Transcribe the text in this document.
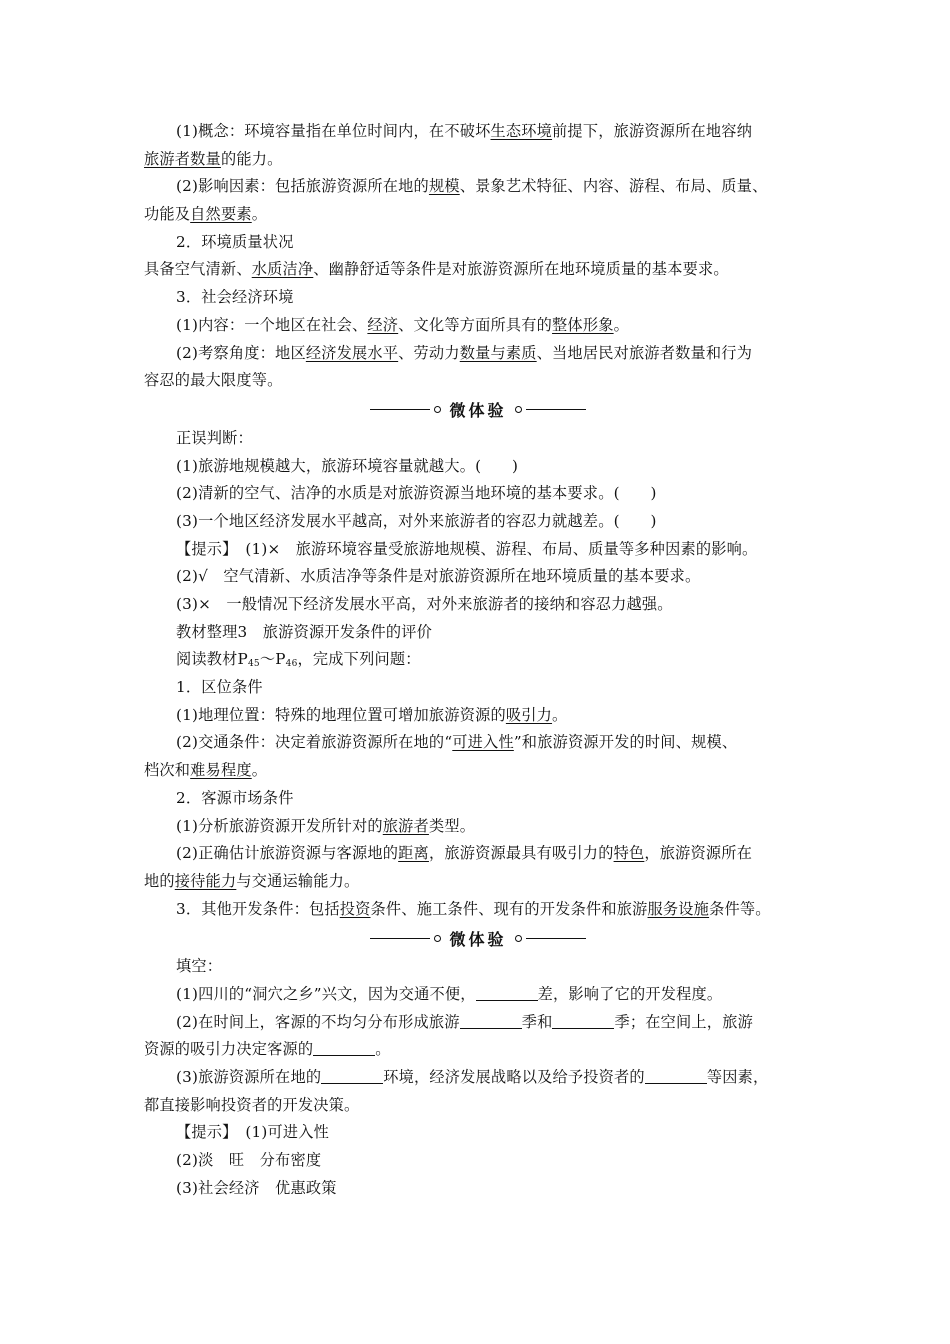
(1)概念：环境容量指在单位时间内，在不破坏生态环境前提下，旅游资源所在地容纳
旅游者数量的能力。
(2)影响因素：包括旅游资源所在地的规模、景象艺术特征、内容、游程、布局、质量、
功能及自然要素。
2．环境质量状况
具备空气清新、水质洁净、幽静舒适等条件是对旅游资源所在地环境质量的基本要求。
3．社会经济环境
(1)内容：一个地区在社会、经济、文化等方面所具有的整体形象。
(2)考察角度：地区经济发展水平、劳动力数量与素质、当地居民对旅游者数量和行为
容忍的最大限度等。
微体验
正误判断：
(1)旅游地规模越大，旅游环境容量就越大。(　　)
(2)清新的空气、洁净的水质是对旅游资源当地环境的基本要求。(　　)
(3)一个地区经济发展水平越高，对外来旅游者的容忍力就越差。(　　)
【提示】　(1)×　旅游环境容量受旅游地规模、游程、布局、质量等多种因素的影响。
(2)√　空气清新、水质洁净等条件是对旅游资源所在地环境质量的基本要求。
(3)×　一般情况下经济发展水平高，对外来旅游者的接纳和容忍力越强。
教材整理3　旅游资源开发条件的评价
阅读教材$P_{45}\sim P_{46}$，完成下列问题：
1．区位条件
(1)地理位置：特殊的地理位置可增加旅游资源的吸引力。
(2)交通条件：决定着旅游资源所在地的“可进入性”和旅游资源开发的时间、规模、
档次和难易程度。
2．客源市场条件
(1)分析旅游资源开发所针对的旅游者类型。
(2)正确估计旅游资源与客源地的距离，旅游资源最具有吸引力的特色，旅游资源所在
地的接待能力与交通运输能力。
3．其他开发条件：包括投资条件、施工条件、现有的开发条件和旅游服务设施条件等。
微体验
填空：
(1)四川的“洞穴之乡”兴文，因为交通不便，	差，影响了它的开发程度。
(2)在时间上，客源的不均匀分布形成旅游	季和	季；在空间上，旅游
资源的吸引力决定客源的	。
(3)旅游资源所在地的	环境，经济发展战略以及给予投资者的	等因素，
都直接影响投资者的开发决策。
【提示】　(1)可进入性
(2)淡　旺　分布密度
(3)社会经济　优惠政策
